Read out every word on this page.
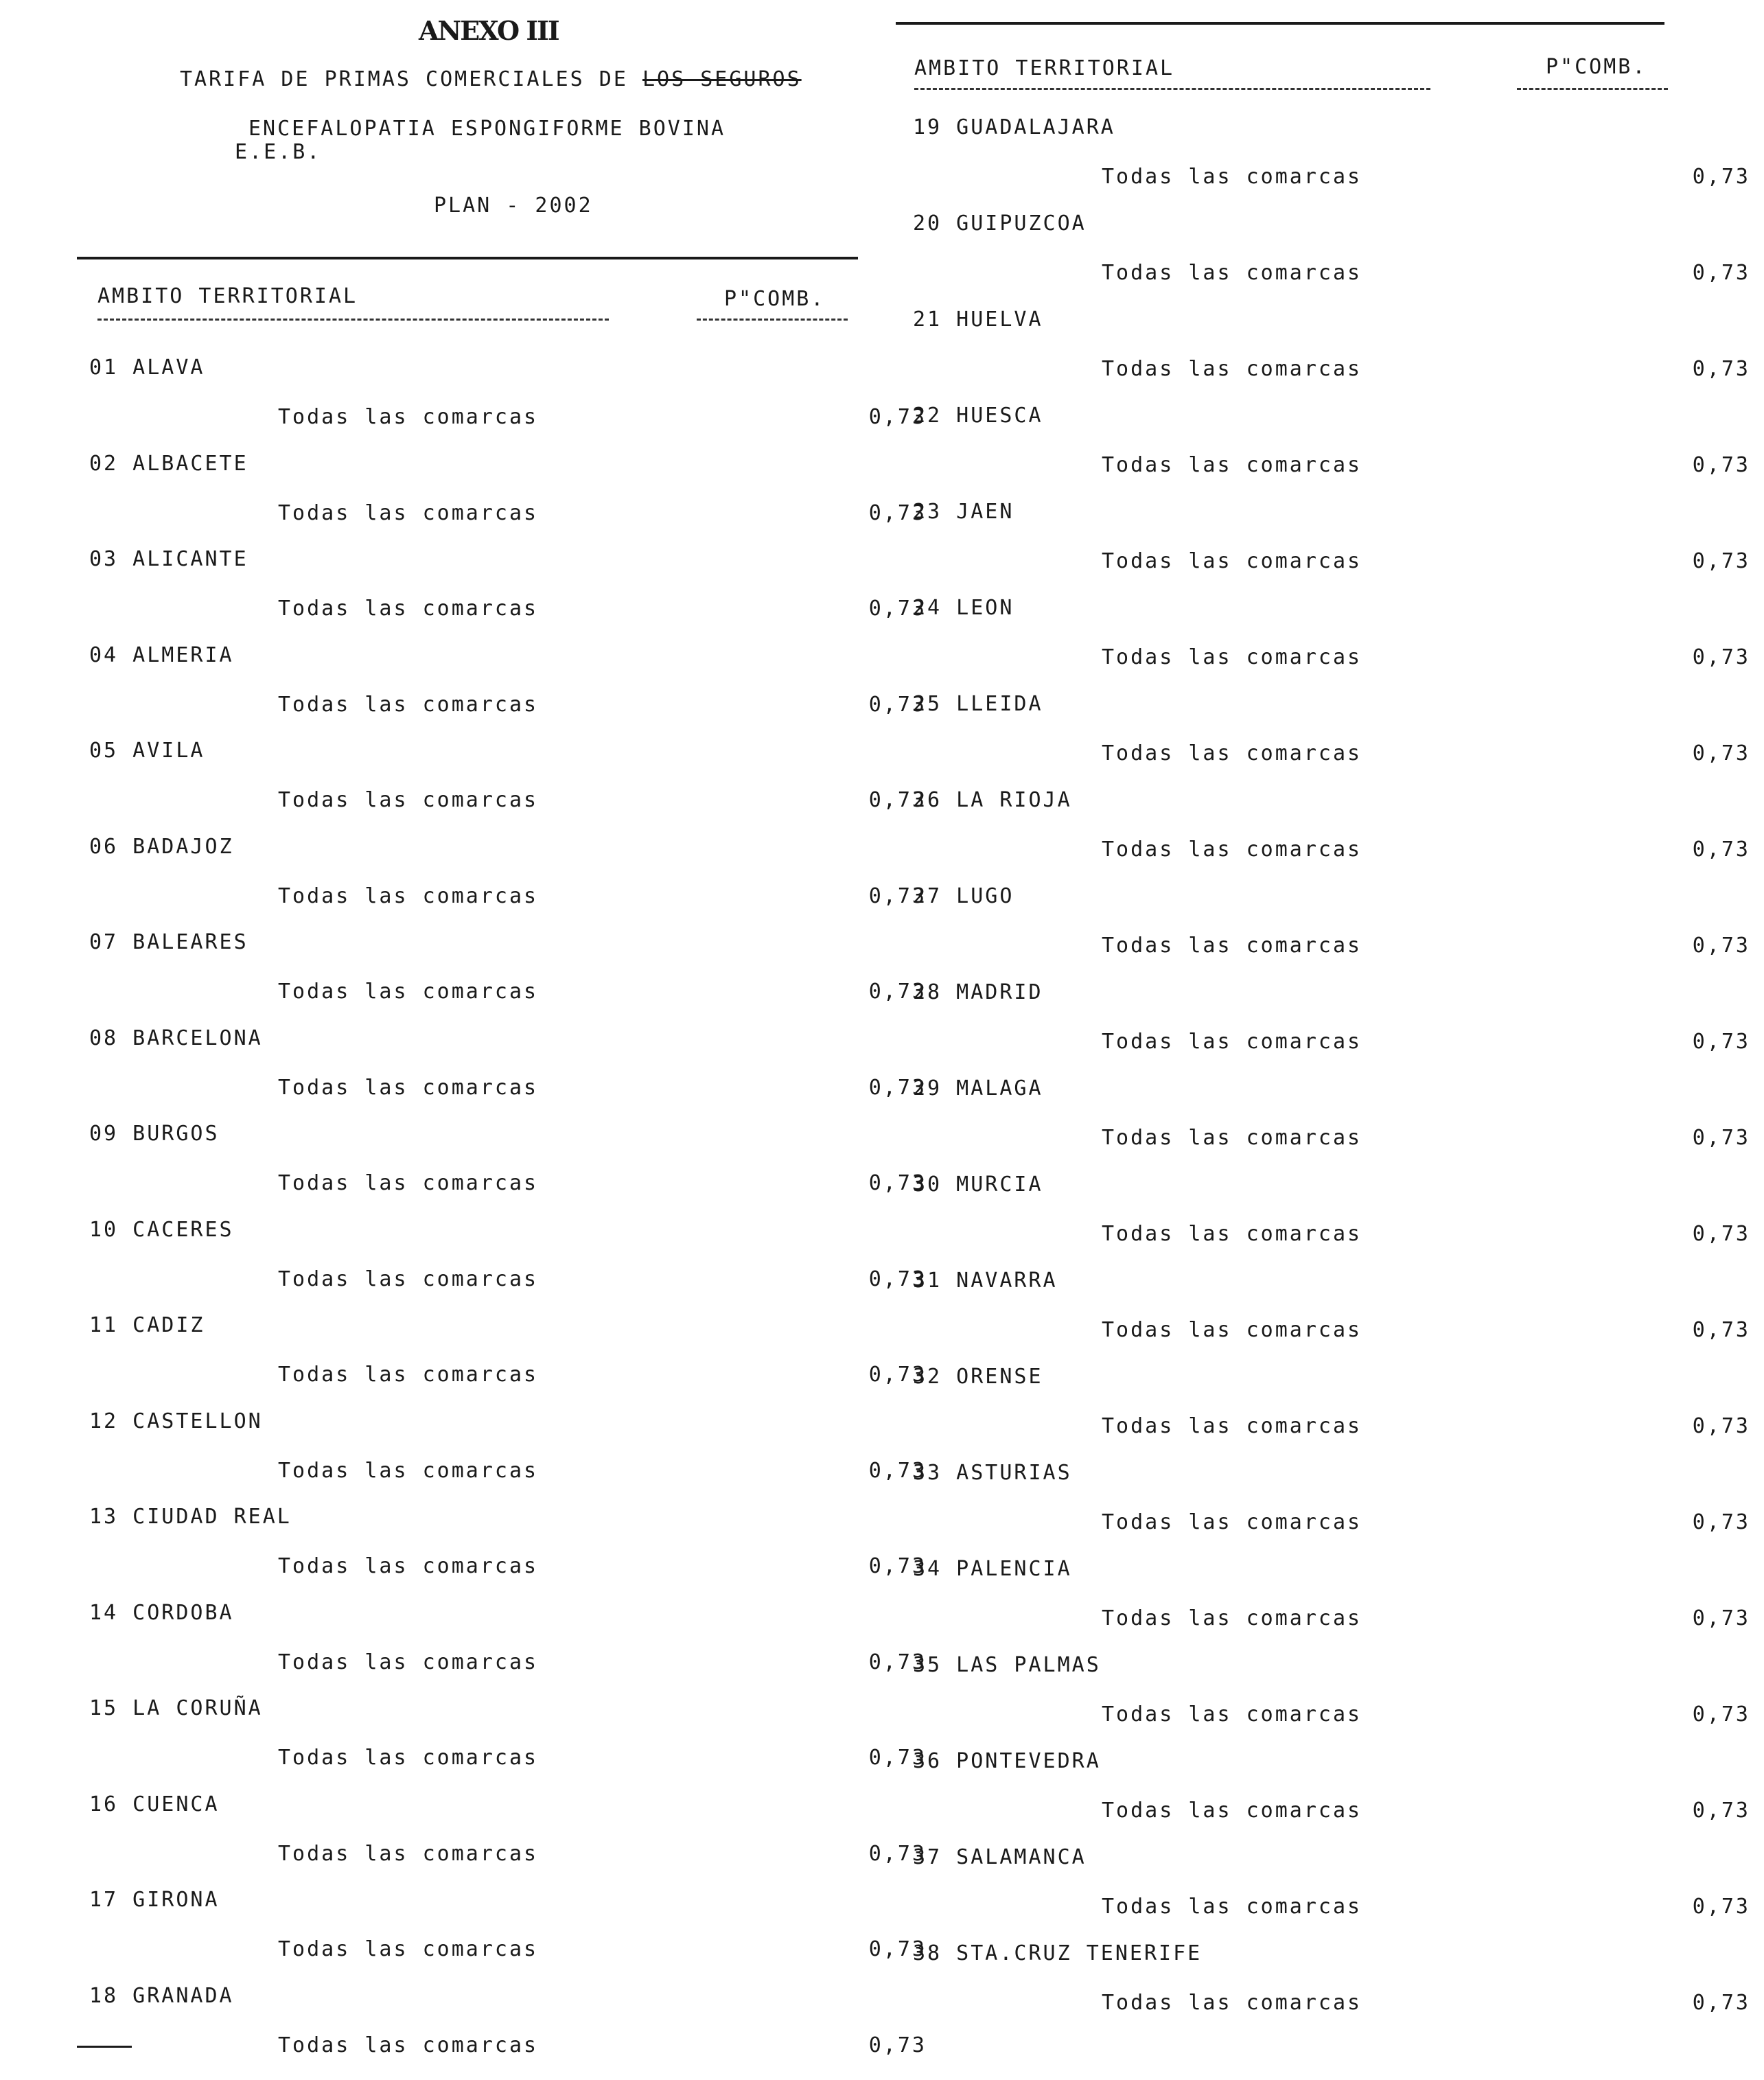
ANEXO III
TARIFA DE PRIMAS COMERCIALES DE LOS SEGUROS
ENCEFALOPATIA ESPONGIFORME BOVINA
E.E.B.
PLAN - 2002
AMBITO TERRITORIAL	P"COMB.
AMBITO TERRITORIAL	P"COMB.
01 ALAVA
Todas las comarcas	0,73
02 ALBACETE
Todas las comarcas	0,73
03 ALICANTE
Todas las comarcas	0,73
04 ALMERIA
Todas las comarcas	0,73
05 AVILA
Todas las comarcas	0,73
06 BADAJOZ
Todas las comarcas	0,73
07 BALEARES
Todas las comarcas	0,73
08 BARCELONA
Todas las comarcas	0,73
09 BURGOS
Todas las comarcas	0,73
10 CACERES
Todas las comarcas	0,73
11 CADIZ
Todas las comarcas	0,73
12 CASTELLON
Todas las comarcas	0,73
13 CIUDAD REAL
Todas las comarcas	0,73
14 CORDOBA
Todas las comarcas	0,73
15 LA CORUÑA
Todas las comarcas	0,73
16 CUENCA
Todas las comarcas	0,73
17 GIRONA
Todas las comarcas	0,73
18 GRANADA
Todas las comarcas	0,73
19 GUADALAJARA
Todas las comarcas	0,73
20 GUIPUZCOA
Todas las comarcas	0,73
21 HUELVA
Todas las comarcas	0,73
22 HUESCA
Todas las comarcas	0,73
23 JAEN
Todas las comarcas	0,73
24 LEON
Todas las comarcas	0,73
25 LLEIDA
Todas las comarcas	0,73
26 LA RIOJA
Todas las comarcas	0,73
27 LUGO
Todas las comarcas	0,73
28 MADRID
Todas las comarcas	0,73
29 MALAGA
Todas las comarcas	0,73
30 MURCIA
Todas las comarcas	0,73
31 NAVARRA
Todas las comarcas	0,73
32 ORENSE
Todas las comarcas	0,73
33 ASTURIAS
Todas las comarcas	0,73
34 PALENCIA
Todas las comarcas	0,73
35 LAS PALMAS
Todas las comarcas	0,73
36 PONTEVEDRA
Todas las comarcas	0,73
37 SALAMANCA
Todas las comarcas	0,73
38 STA.CRUZ TENERIFE
Todas las comarcas	0,73
